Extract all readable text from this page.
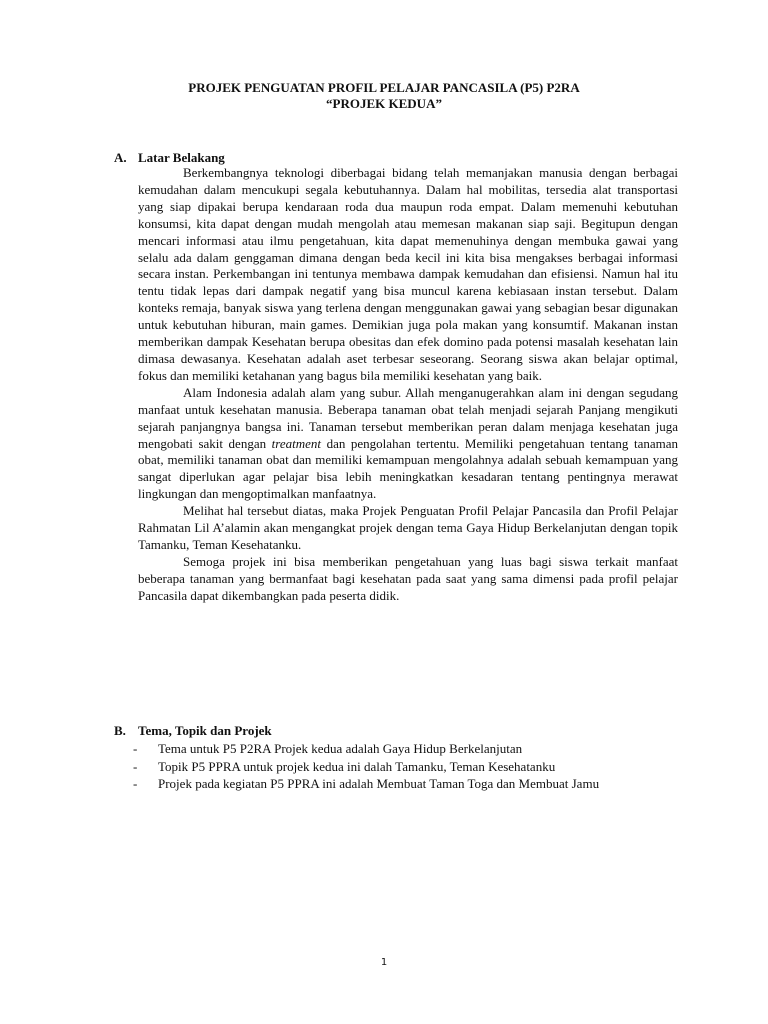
PROJEK PENGUATAN PROFIL PELAJAR PANCASILA (P5) P2RA
“PROJEK KEDUA”
A. Latar Belakang

Berkembangnya teknologi diberbagai bidang telah memanjakan manusia dengan berbagai kemudahan dalam mencukupi segala kebutuhannya. Dalam hal mobilitas, tersedia alat transportasi yang siap dipakai berupa kendaraan roda dua maupun roda empat. Dalam memenuhi kebutuhan konsumsi, kita dapat dengan mudah mengolah atau memesan makanan siap saji. Begitupun dengan mencari informasi atau ilmu pengetahuan, kita dapat memenuhinya dengan membuka gawai yang selalu ada dalam genggaman dimana dengan beda kecil ini kita bisa mengakses berbagai informasi secara instan. Perkembangan ini tentunya membawa dampak kemudahan dan efisiensi. Namun hal itu tentu tidak lepas dari dampak negatif yang bisa muncul karena kebiasaan instan tersebut. Dalam konteks remaja, banyak siswa yang terlena dengan menggunakan gawai yang sebagian besar digunakan untuk kebutuhan hiburan, main games. Demikian juga pola makan yang konsumtif. Makanan instan memberikan dampak Kesehatan berupa obesitas dan efek domino pada potensi masalah kesehatan lain dimasa dewasanya. Kesehatan adalah aset terbesar seseorang. Seorang siswa akan belajar optimal, fokus dan memiliki ketahanan yang bagus bila memiliki kesehatan yang baik.

Alam Indonesia adalah alam yang subur. Allah menganugerahkan alam ini dengan segudang manfaat untuk kesehatan manusia. Beberapa tanaman obat telah menjadi sejarah Panjang mengikuti sejarah panjangnya bangsa ini. Tanaman tersebut memberikan peran dalam menjaga kesehatan juga mengobati sakit dengan treatment dan pengolahan tertentu. Memiliki pengetahuan tentang tanaman obat, memiliki tanaman obat dan memiliki kemampuan mengolahnya adalah sebuah kemampuan yang sangat diperlukan agar pelajar bisa lebih meningkatkan kesadaran tentang pentingnya merawat lingkungan dan mengoptimalkan manfaatnya.

Melihat hal tersebut diatas, maka Projek Penguatan Profil Pelajar Pancasila dan Profil Pelajar Rahmatan Lil A’alamin akan mengangkat projek dengan tema Gaya Hidup Berkelanjutan dengan topik Tamanku, Teman Kesehatanku.

Semoga projek ini bisa memberikan pengetahuan yang luas bagi siswa terkait manfaat beberapa tanaman yang bermanfaat bagi kesehatan pada saat yang sama dimensi pada profil pelajar Pancasila dapat dikembangkan pada peserta didik.

B. Tema, Topik dan Projek
- Tema untuk P5 P2RA Projek kedua adalah Gaya Hidup Berkelanjutan
- Topik P5 PPRA untuk projek kedua ini dalah Tamanku, Teman Kesehatanku
- Projek pada kegiatan P5 PPRA ini adalah Membuat Taman Toga dan Membuat Jamu
1
